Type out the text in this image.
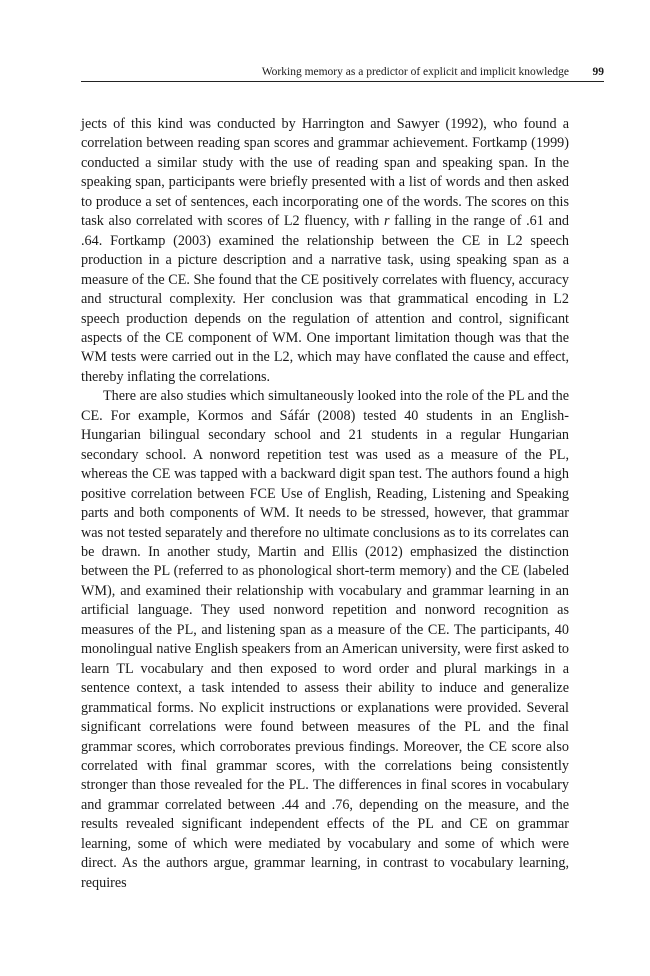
Working memory as a predictor of explicit and implicit knowledge 99

jects of this kind was conducted by Harrington and Sawyer (1992), who found a correlation between reading span scores and grammar achievement. Fortkamp (1999) conducted a similar study with the use of reading span and speaking span. In the speaking span, participants were briefly presented with a list of words and then asked to produce a set of sentences, each incorporating one of the words. The scores on this task also correlated with scores of L2 fluency, with r falling in the range of .61 and .64. Fortkamp (2003) examined the relationship between the CE in L2 speech production in a picture description and a narrative task, using speaking span as a measure of the CE. She found that the CE positively correlates with fluency, accuracy and structural complexity. Her conclusion was that grammatical encoding in L2 speech production depends on the regulation of attention and control, significant aspects of the CE component of WM. One important limitation though was that the WM tests were carried out in the L2, which may have conflated the cause and effect, thereby inflating the correlations.

There are also studies which simultaneously looked into the role of the PL and the CE. For example, Kormos and Sáfár (2008) tested 40 students in an English-Hungarian bilingual secondary school and 21 students in a regular Hungarian secondary school. A nonword repetition test was used as a measure of the PL, whereas the CE was tapped with a backward digit span test. The authors found a high positive correlation between FCE Use of English, Reading, Listening and Speaking parts and both components of WM. It needs to be stressed, however, that grammar was not tested separately and therefore no ultimate conclusions as to its correlates can be drawn. In another study, Martin and Ellis (2012) emphasized the distinction between the PL (referred to as phonological short-term memory) and the CE (labeled WM), and examined their relationship with vocabulary and grammar learning in an artificial language. They used nonword repetition and nonword recognition as measures of the PL, and listening span as a measure of the CE. The participants, 40 monolingual native English speakers from an American university, were first asked to learn TL vocabulary and then exposed to word order and plural markings in a sentence context, a task intended to assess their ability to induce and generalize grammatical forms. No explicit instructions or explanations were provided. Several significant correlations were found between measures of the PL and the final grammar scores, which corroborates previous findings. Moreover, the CE score also correlated with final grammar scores, with the correlations being consistently stronger than those revealed for the PL. The differences in final scores in vocabulary and grammar correlated between .44 and .76, depending on the measure, and the results revealed significant independent effects of the PL and CE on grammar learning, some of which were mediated by vocabulary and some of which were direct. As the authors argue, grammar learning, in contrast to vocabulary learning, requires
